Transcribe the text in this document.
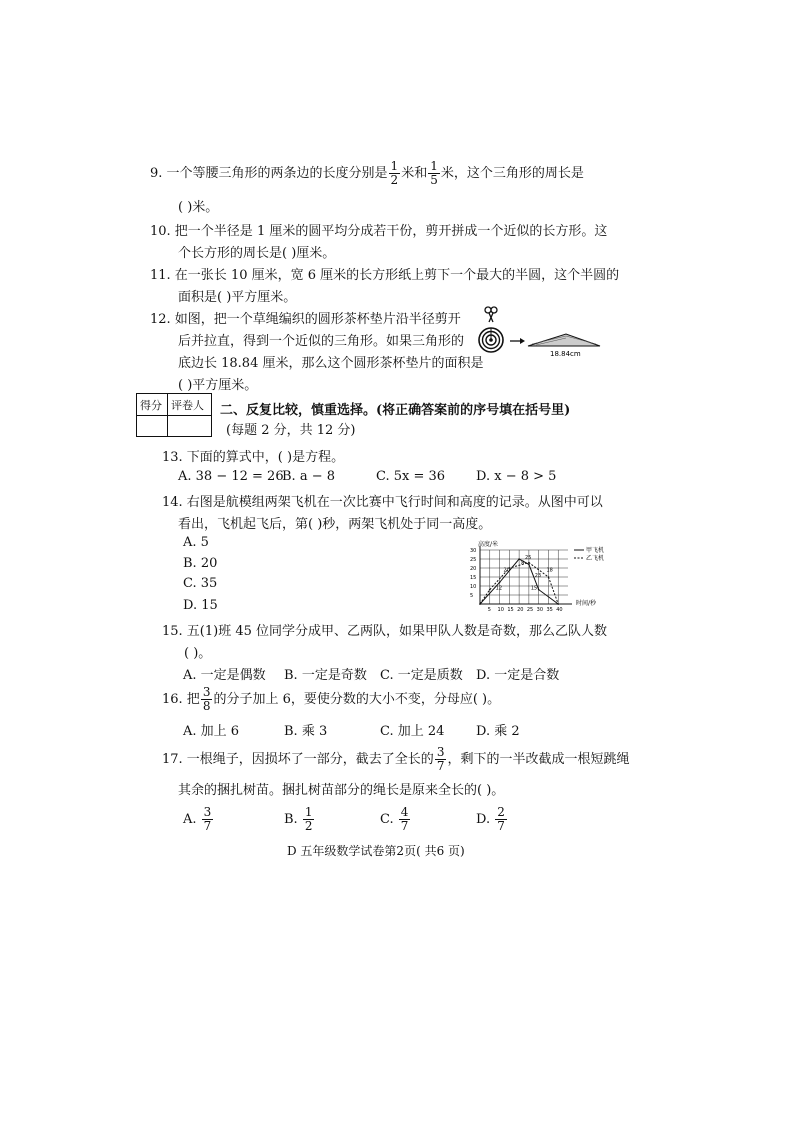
9. 一个等腰三角形的两条边的长度分别是 $\frac{1}{2}$ 米和 $\frac{1}{5}$ 米，这个三角形的周长是
( )米。
10. 把一个半径是 1 厘米的圆平均分成若干份，剪开拼成一个近似的长方形。这
个长方形的周长是( )厘米。
11. 在一张长 10 厘米，宽 6 厘米的长方形纸上剪下一个最大的半圆，这个半圆的
面积是( )平方厘米。
12. 如图，把一个草绳编织的圆形茶杯垫片沿半径剪开
后并拉直，得到一个近似的三角形。如果三角形的
底边长 18.84 厘米，那么这个圆形茶杯垫片的面积是
( )平方厘米。
18.84cm
得分 评卷人 二、反复比较，慎重选择。(将正确答案前的序号填在括号里)
(每题 2 分，共 12 分)
13. 下面的算式中，( )是方程。
A. 38 − 12 = 26
B. a − 8	C. 5x = 36 D. x − 8 > 5
14. 右图是航模组两架飞机在一次比赛中飞行时间和高度的记录。从图中可以
看出，飞机起飞后，第( )秒，两架飞机处于同一高度。
A. 5
B. 20
C. 35
D. 15	5 10 15 20 25 30 35 40
5
10
15
20
25
30	甲飞机
乙飞机
12
20
25
8
15
23
18
高度/米
时间/秒
15. 五(1)班 45 位同学分成甲、乙两队，如果甲队人数是奇数，那么乙队人数
( )。
A. 一定是偶数 B. 一定是奇数 C. 一定是质数 D. 一定是合数
16. 把 $\frac{3}{8}$ 的分子加上 6，要使分数的大小不变，分母应( )。
A. 加上 6	B. 乘 3	C. 加上 24 D. 乘 2
17. 一根绳子，因损坏了一部分，截去了全长的 $\frac{3}{7}$ ，剩下的一半改截成一根短跳绳
其余的捆扎树苗。捆扎树苗部分的绳长是原来全长的( )。
A. $\frac{3}{7}$	B. $\frac{1}{2}$	C. $\frac{4}{7}$	D. $\frac{2}{7}$
D 五年级数学试卷第2页( 共6 页)
